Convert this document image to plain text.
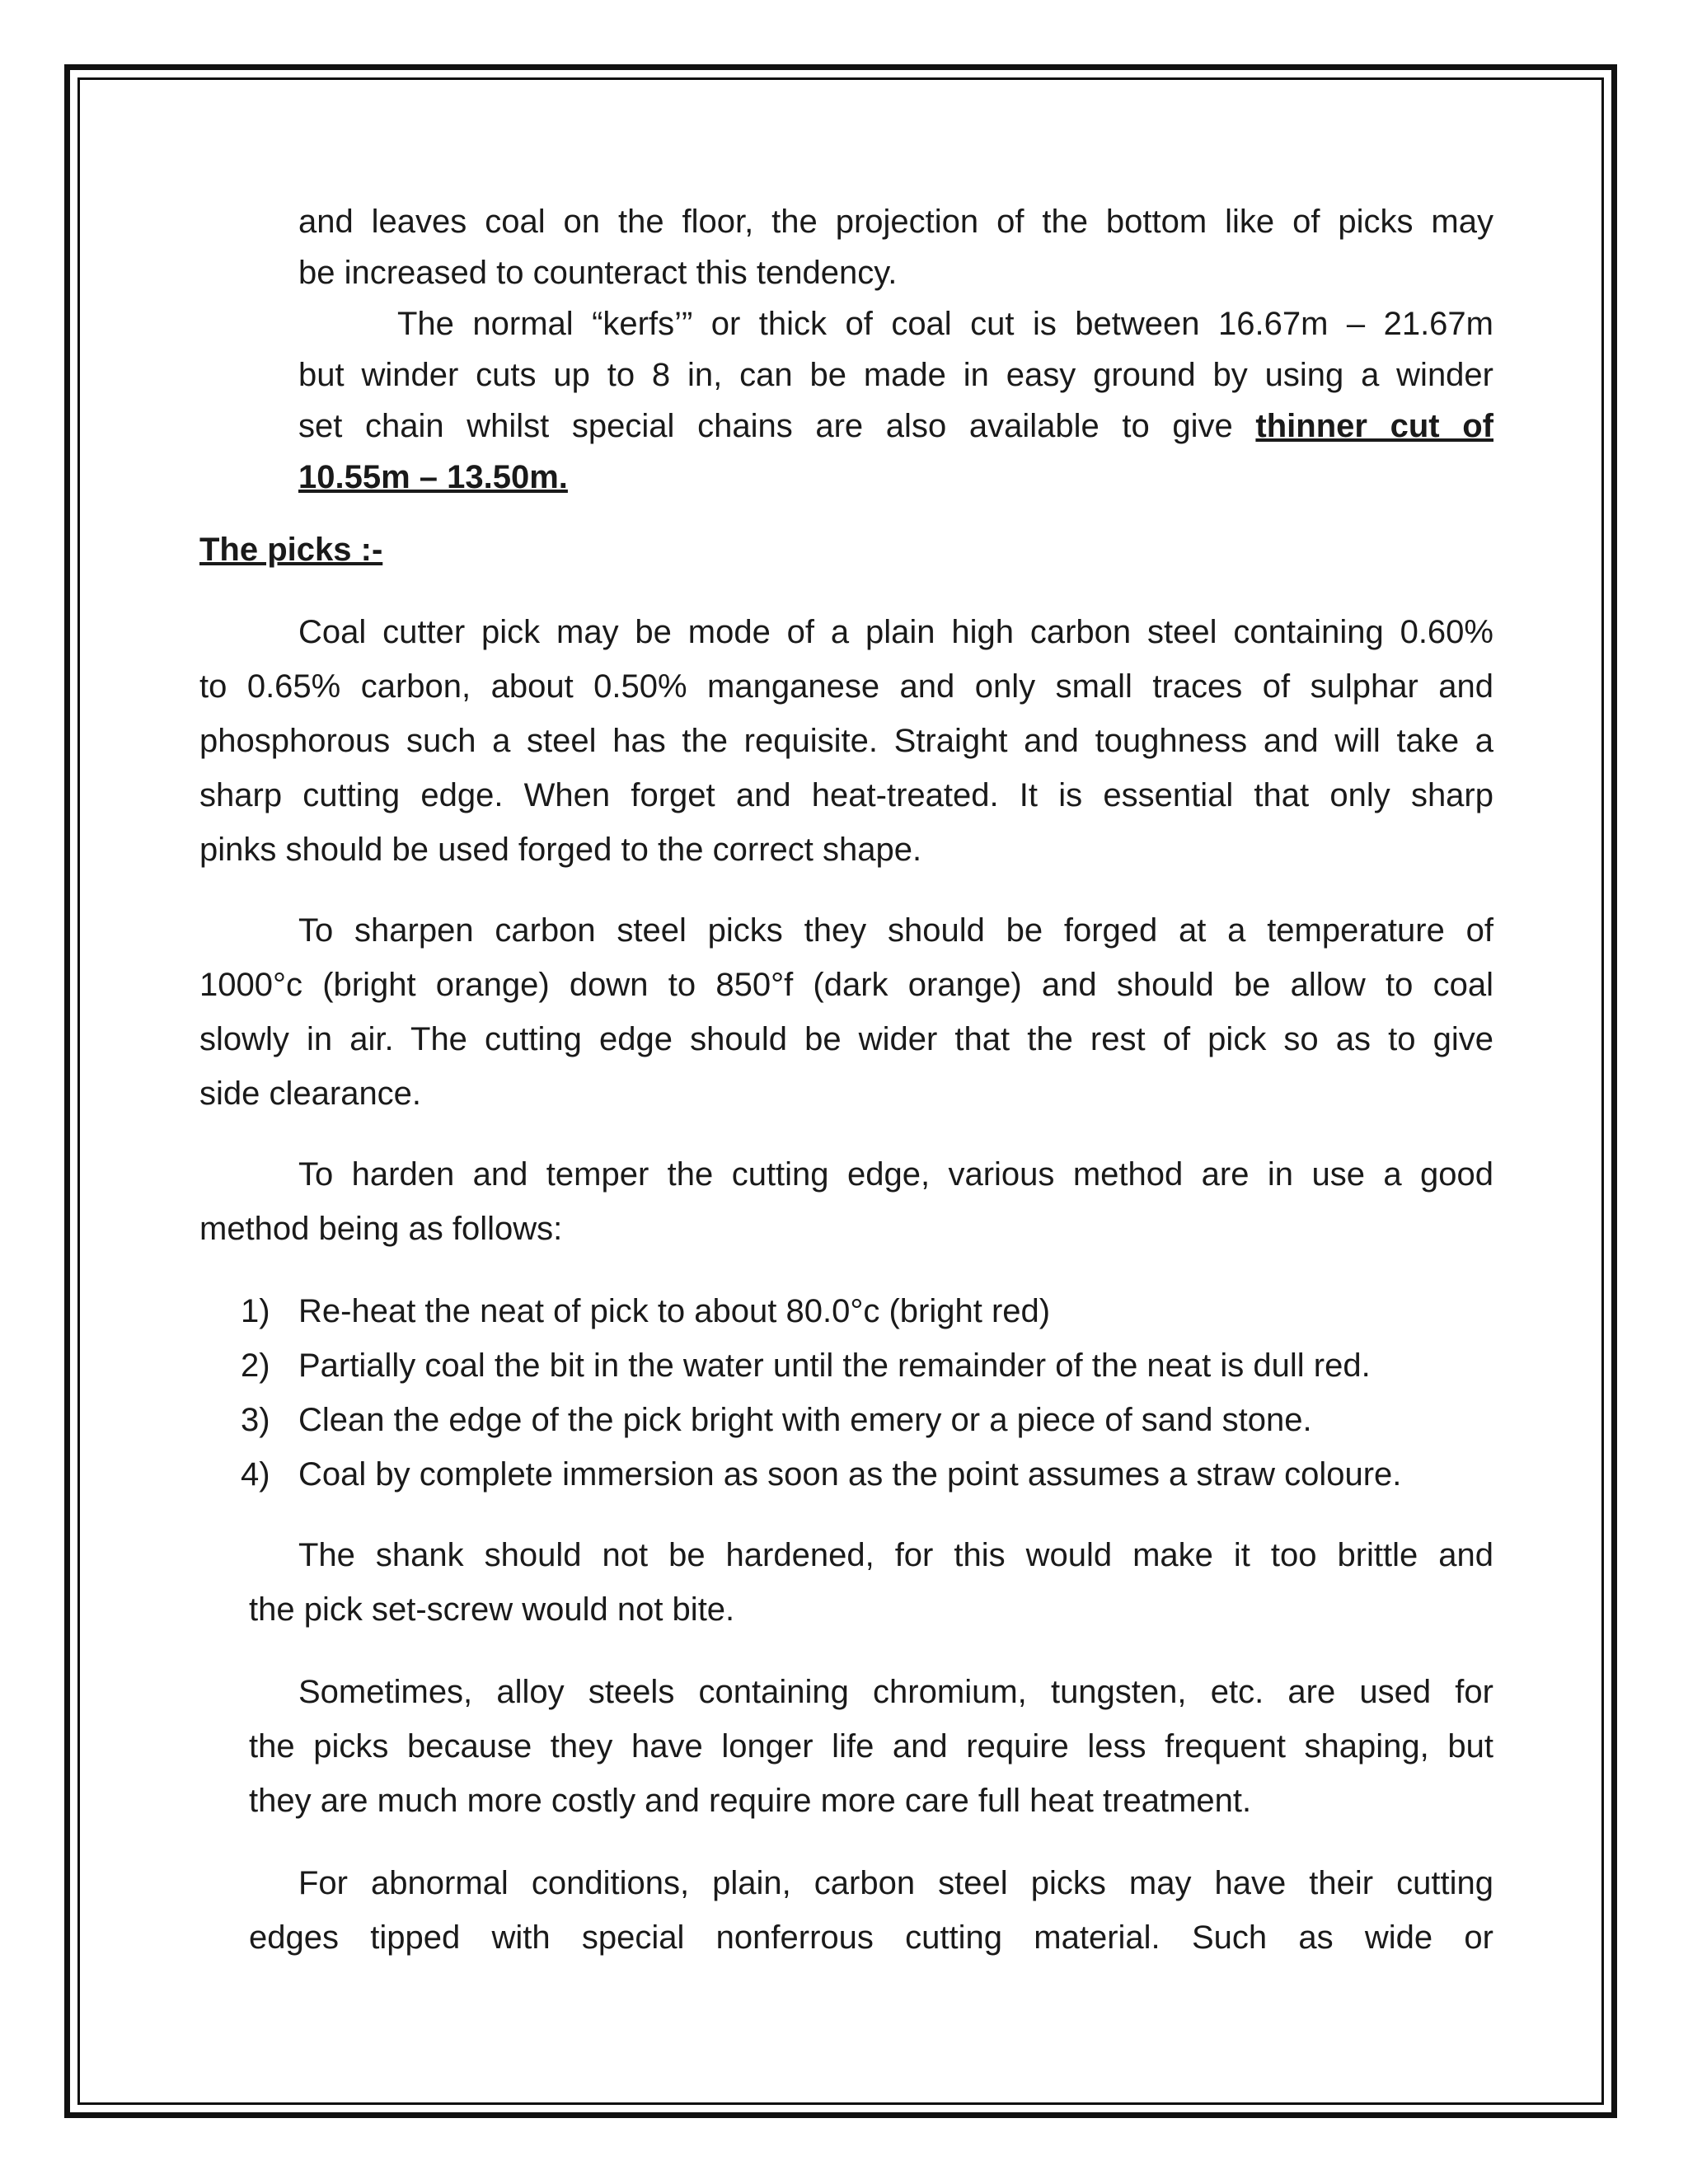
and leaves coal on the floor, the projection of the bottom like of picks may

be increased to counteract this tendency.

The normal “kerfs’” or thick of coal cut is between 16.67m – 21.67m

but winder cuts up to 8 in, can be made in easy ground by using a winder

set chain whilst special chains are also available to give thinner cut of

10.55m – 13.50m.

The picks :-

Coal cutter pick may be mode of a plain high carbon steel containing 0.60%

to 0.65% carbon, about 0.50% manganese and only small traces of sulphar and

phosphorous such a steel has the requisite. Straight and toughness and will take a

sharp cutting edge. When forget and heat-treated. It is essential that only sharp

pinks should be used forged to the correct shape.

To sharpen carbon steel picks they should be forged at a temperature of

1000°c (bright orange) down to 850°f (dark orange) and should be allow to coal

slowly in air. The cutting edge should be wider that the rest of pick so as to give

side clearance.

To harden and temper the cutting edge, various method are in use a good

method being as follows:

1) Re-heat the neat of pick to about 80.0°c (bright red)
2) Partially coal the bit in the water until the remainder of the neat is dull red.
3) Clean the edge of the pick bright with emery or a piece of sand stone.
4) Coal by complete immersion as soon as the point assumes a straw coloure.

The shank should not be hardened, for this would make it too brittle and

the pick set-screw would not bite.

Sometimes, alloy steels containing chromium, tungsten, etc. are used for

the picks because they have longer life and require less frequent shaping, but

they are much more costly and require more care full heat treatment.

For abnormal conditions, plain, carbon steel picks may have their cutting

edges tipped with special nonferrous cutting material. Such as wide or
